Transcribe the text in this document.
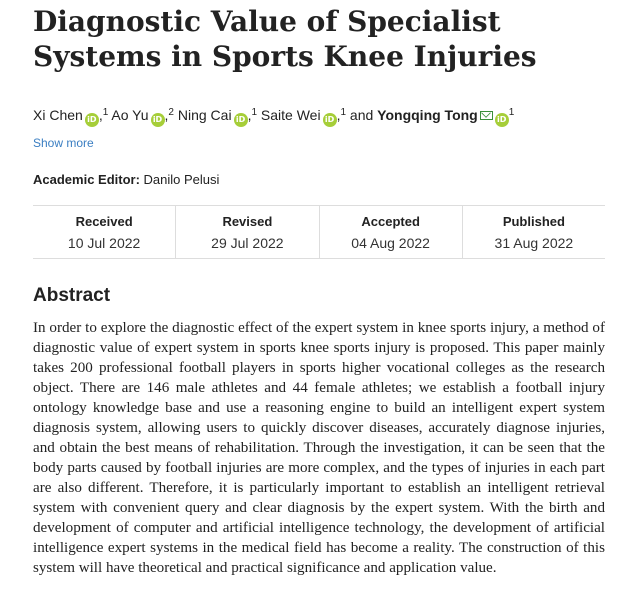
Diagnostic Value of Specialist Systems in Sports Knee Injuries
Xi Chen iD ,$^1$ Ao Yu iD ,$^2$ Ning Cai iD ,$^1$ Saite Wei iD ,$^1$ and Yongqing Tong $iD^1$
Show more
Academic Editor: Danilo Pelusi
Received
10 Jul 2022
Revised
29 Jul 2022
Accepted
04 Aug 2022
Published
31 Aug 2022
Abstract
In order to explore the diagnostic effect of the expert system in knee sports injury, a method of diagnostic value of expert system in sports knee sports injury is proposed. This paper mainly takes 200 professional football players in sports higher vocational colleges as the research object. There are 146 male athletes and 44 female athletes; we establish a football injury ontology knowledge base and use a reasoning engine to build an intelligent expert system diagnosis system, allowing users to quickly discover diseases, accurately diagnose injuries, and obtain the best means of rehabilitation. Through the investigation, it can be seen that the body parts caused by football injuries are more complex, and the types of injuries in each part are also different. Therefore, it is particularly important to establish an intelligent retrieval system with convenient query and clear diagnosis by the expert system. With the birth and development of computer and artificial intelligence technology, the development of artificial intelligence expert systems in the medical field has become a reality. The construction of this system will have theoretical and practical significance and application value.
